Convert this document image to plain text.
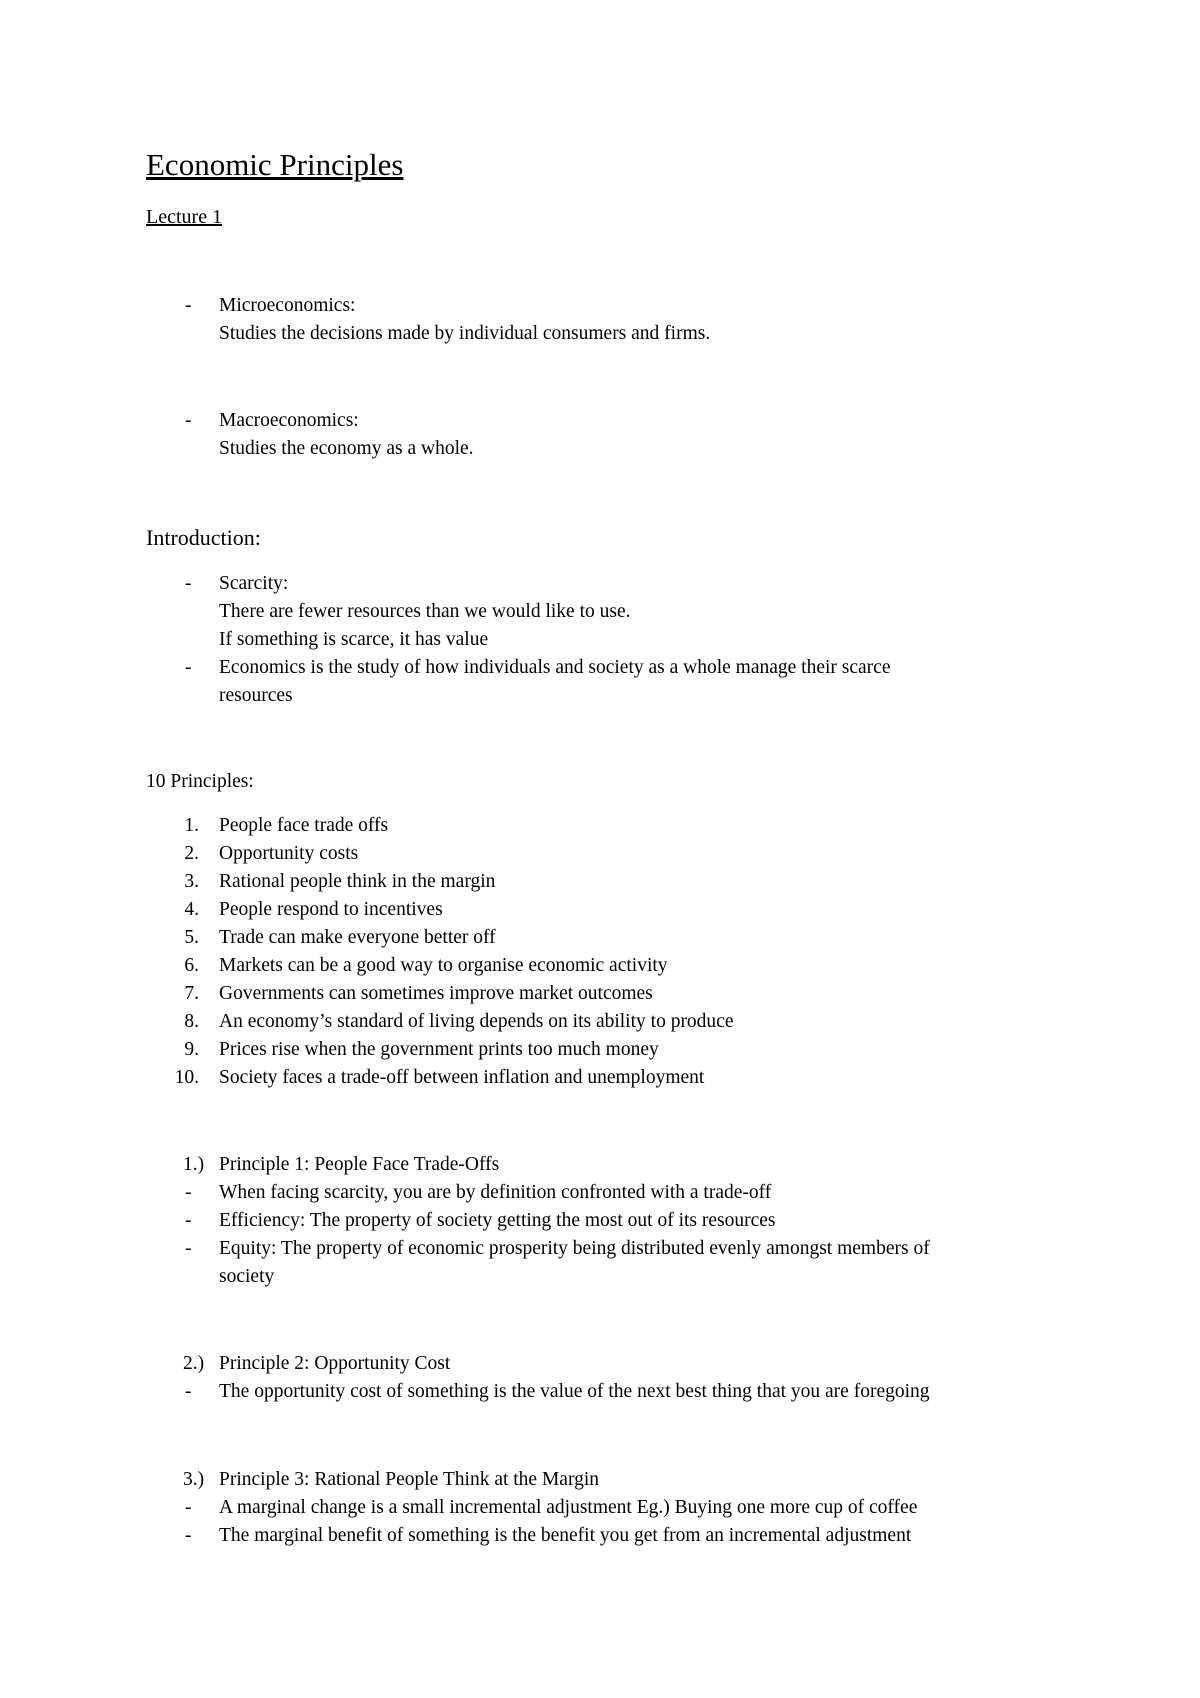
Economic Principles
Lecture 1
- Microeconomics:
Studies the decisions made by individual consumers and firms.
- Macroeconomics:
Studies the economy as a whole.
Introduction:
- Scarcity:
There are fewer resources than we would like to use.
If something is scarce, it has value
- Economics is the study of how individuals and society as a whole manage their scarce
resources
10 Principles:
1. People face trade offs
2. Opportunity costs
3. Rational people think in the margin
4. People respond to incentives
5. Trade can make everyone better off
6. Markets can be a good way to organise economic activity
7. Governments can sometimes improve market outcomes
8. An economy’s standard of living depends on its ability to produce
9. Prices rise when the government prints too much money
10. Society faces a trade-off between inflation and unemployment
1.) Principle 1: People Face Trade-Offs
- When facing scarcity, you are by definition confronted with a trade-off
- Efficiency: The property of society getting the most out of its resources
- Equity: The property of economic prosperity being distributed evenly amongst members of
society
2.) Principle 2: Opportunity Cost
- The opportunity cost of something is the value of the next best thing that you are foregoing
3.) Principle 3: Rational People Think at the Margin
- A marginal change is a small incremental adjustment Eg.) Buying one more cup of coffee
- The marginal benefit of something is the benefit you get from an incremental adjustment
